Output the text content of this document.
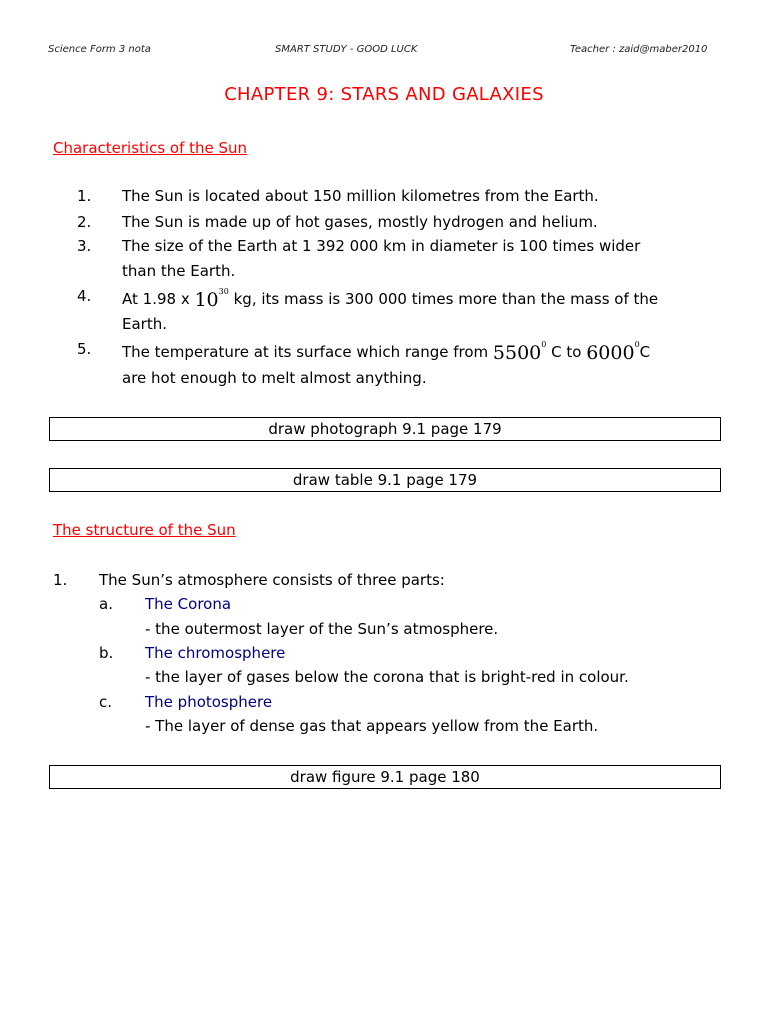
Science Form 3 nota	SMART STUDY - GOOD LUCK	Teacher : zaid@maber2010
CHAPTER 9: STARS AND GALAXIES
Characteristics of the Sun
1. The Sun is located about 150 million kilometres from the Earth.
2. The Sun is made up of hot gases, mostly hydrogen and helium.
3. The size of the Earth at 1 392 000 km in diameter is 100 times wider
than the Earth.
4. At 1.98 x $10^{30}$ kg, its mass is 300 000 times more than the mass of the
Earth.
5. The temperature at its surface which range from 5500$^0$ C to 6000$^0$C
are hot enough to melt almost anything.
draw photograph 9.1 page 179
draw table 9.1 page 179
The structure of the Sun
1. The Sun’s atmosphere consists of three parts:
a. The Corona
- the outermost layer of the Sun’s atmosphere.
b. The chromosphere
- the layer of gases below the corona that is bright-red in colour.
c. The photosphere
- The layer of dense gas that appears yellow from the Earth.
draw figure 9.1 page 180
